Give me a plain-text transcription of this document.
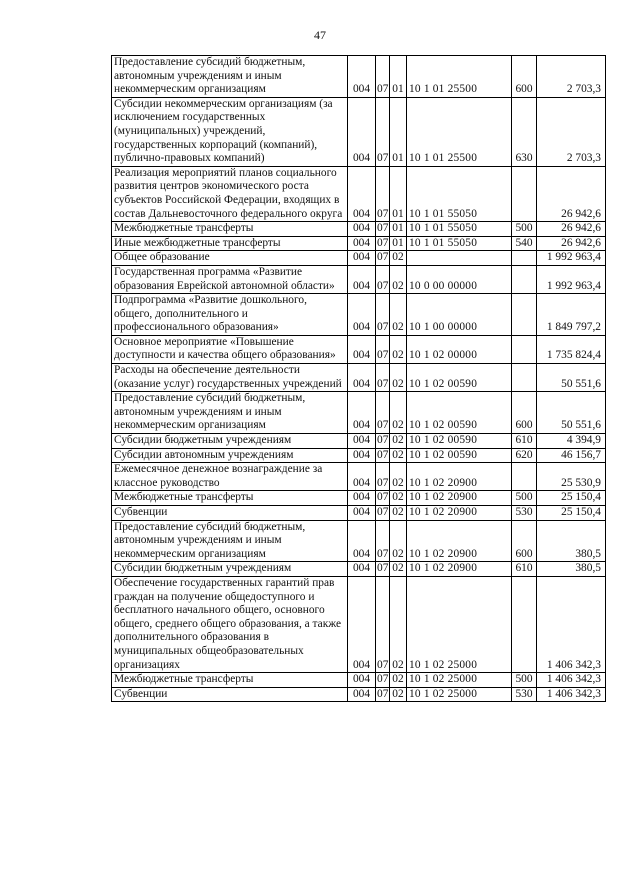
47
Предоставление субсидий бюджетным, автономным учреждениям и иным некоммерческим организациям	004	07	01	10 1 01 25500	600	2 703,3
Субсидии некоммерческим организациям (за исключением государственных (муниципальных) учреждений, государственных корпораций (компаний), публично-правовых компаний)	004	07	01	10 1 01 25500	630	2 703,3
Реализация мероприятий планов социального развития центров экономического роста субъектов Российской Федерации, входящих в состав Дальневосточного федерального округа	004	07	01	10 1 01 55050		26 942,6
Межбюджетные трансферты	004	07	01	10 1 01 55050	500	26 942,6
Иные межбюджетные трансферты	004	07	01	10 1 01 55050	540	26 942,6
Общее образование	004	07	02			1 992 963,4
Государственная программа «Развитие образования Еврейской автономной области»	004	07	02	10 0 00 00000		1 992 963,4
Подпрограмма «Развитие дошкольного, общего, дополнительного и профессионального образования»	004	07	02	10 1 00 00000		1 849 797,2
Основное мероприятие «Повышение доступности и качества общего образования»	004	07	02	10 1 02 00000		1 735 824,4
Расходы на обеспечение деятельности (оказание услуг) государственных учреждений	004	07	02	10 1 02 00590		50 551,6
Предоставление субсидий бюджетным, автономным учреждениям и иным некоммерческим организациям	004	07	02	10 1 02 00590	600	50 551,6
Субсидии бюджетным учреждениям	004	07	02	10 1 02 00590	610	4 394,9
Субсидии автономным учреждениям	004	07	02	10 1 02 00590	620	46 156,7
Ежемесячное денежное вознаграждение за классное руководство	004	07	02	10 1 02 20900		25 530,9
Межбюджетные трансферты	004	07	02	10 1 02 20900	500	25 150,4
Субвенции	004	07	02	10 1 02 20900	530	25 150,4
Предоставление субсидий бюджетным, автономным учреждениям и иным некоммерческим организациям	004	07	02	10 1 02 20900	600	380,5
Субсидии бюджетным учреждениям	004	07	02	10 1 02 20900	610	380,5
Обеспечение государственных гарантий прав граждан на получение общедоступного и бесплатного начального общего, основного общего, среднего общего образования, а также дополнительного образования в муниципальных общеобразовательных организациях	004	07	02	10 1 02 25000		1 406 342,3
Межбюджетные трансферты	004	07	02	10 1 02 25000	500	1 406 342,3
Субвенции	004	07	02	10 1 02 25000	530	1 406 342,3
